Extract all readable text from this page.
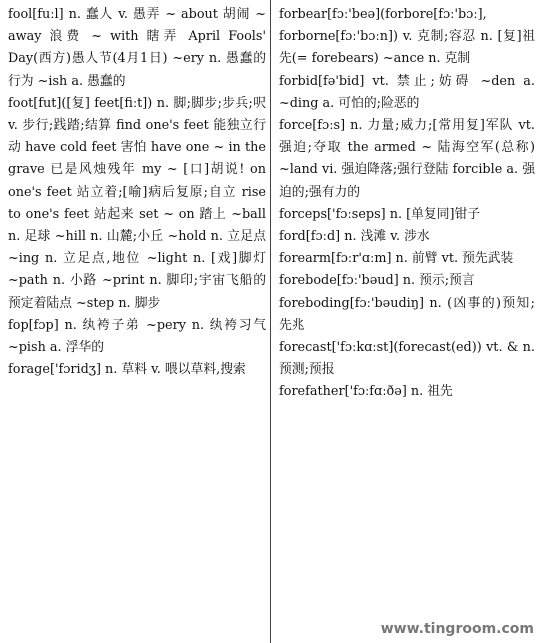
fool[fuːl] n. 蠢人 v. 愚弄 ~ about 胡闹 ~ away 浪费 ~ with 瞎弄 April Fools' Day(西方)愚人节(4月1日) ~ery n. 愚蠢的行为 ~ish a. 愚蠢的

foot[fut]([复] feet[fiːt]) n. 脚;脚步;步兵;呎 v. 步行;践踏;结算 find one's feet 能独立行动 have cold feet 害怕 have one ~ in the grave 已是风烛残年 my ~ [口]胡说! on one's feet 站立着;[喻]病后复原;自立 rise to one's feet 站起来 set ~ on 踏上 ~ball n. 足球 ~hill n. 山麓;小丘 ~hold n. 立足点 ~ing n. 立足点,地位 ~light n. [戏]脚灯 ~path n. 小路 ~print n. 脚印;宇宙飞船的预定着陆点 ~step n. 脚步

fop[fɔp] n. 纨袴子弟 ~pery n. 纨袴习气 ~pish a. 浮华的

forage['fɔridʒ] n. 草料 v. 喂以草料,搜索

forbear[fɔː'beə](forbore[fɔː'bɔː], forborne[fɔː'bɔːn]) v. 克制;容忍 n. [复]祖先(= forebears) ~ance n. 克制

forbid[fə'bid] vt. 禁止;妨碍 ~den a. ~ding a. 可怕的;险恶的

force[fɔːs] n. 力量;威力;[常用复]军队 vt. 强迫;夺取 the armed ~ 陆海空军(总称) ~land vi. 强迫降落;强行登陆 forcible a. 强迫的;强有力的

forceps['fɔːseps] n. [单复同]钳子

ford[fɔːd] n. 浅滩 v. 涉水

forearm[fɔːr'ɑːm] n. 前臂 vt. 预先武装

forebode[fɔː'bəud] n. 预示;预言

foreboding[fɔː'bəudiŋ] n. (凶事的)预知;先兆

forecast['fɔːkɑːst](forecast(ed)) vt. & n. 预测;预报

forefather['fɔːfɑːðə] n. 祖先

www.tingroom.com
